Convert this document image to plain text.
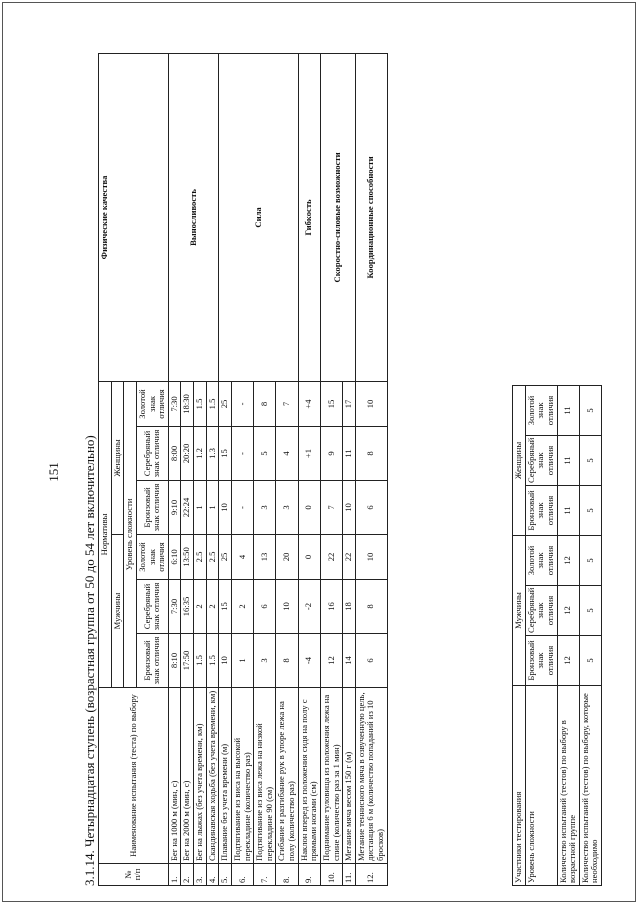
151 3.1.14. Четырнадцатая ступень (возрастная группа от 50 до 54 лет включительно)	№ п/п	Наименование испытания (теста) по выбору	Нормативы						Физические качества
		Мужчины			Женщины			
		Уровень сложности						
		Бронзовый знак отличия	Серебряный знак отличия	Золотой знак отличия	Бронзовый знак отличия	Серебряный знак отличия	Золотой знак отличия	
1.	Бег на 1000 м (мин, с)	8:10	7:30	6:10	9:10	8:00	7:30	Выносливость
2.	Бег на 2000 м (мин, с)	17:50	16:35	13:50	22:24	20:20	18:30	
3.	Бег на лыжах (без учета времени, км)	1.5	2	2.5	1	1.2	1.5	
4.	Скандинавская ходьба (без учета времени, км)	1.5	2	2.5	1	1.3	1.5	
5.	Плавание без учета времени (м)	10	15	25	10	15	25	Сила
6.	Подтягивание из виса на высокой перекладине (количество раз)	1	2	4	-	-	-	
7.	Подтягивание из виса лежа на низкой перекладине 90 (см)	3	6	13	3	5	8	
8.	Сгибание и разгибание рук в упоре лежа на полу (количество раз)	8	10	20	3	4	7	
9.	Наклон вперед из положения сидя на полу с прямыми ногами (см)	-4	-2	0	0	+1	+4	Гибкость
10.	Поднимание туловища из положения лежа на спине (количество раз за 1 мин)	12	16	22	7	9	15	Скоростно-силовые возможности
11.	Метание мяча весом 150 г (м)	14	18	22	10	11	17	
12.	Метание теннисного мяча в озвученную цель, дистанция 6 м (количество попаданий из 10 бросков)	6	8	10	6	8	10	Координационные способности
Участники тестирования	Мужчины			Женщины		
Уровень сложности	Бронзовый знак отличия	Серебряный знак отличия	Золотой знак отличия	Бронзовый знак отличия	Серебряный знак отличия	Золотой знак отличия
Количество испытаний (тестов) по выбору в возрастной группе	12	12	12	11	11	11
Количество испытаний (тестов) по выбору, которые необходимо	5	5	5	5	5	5
